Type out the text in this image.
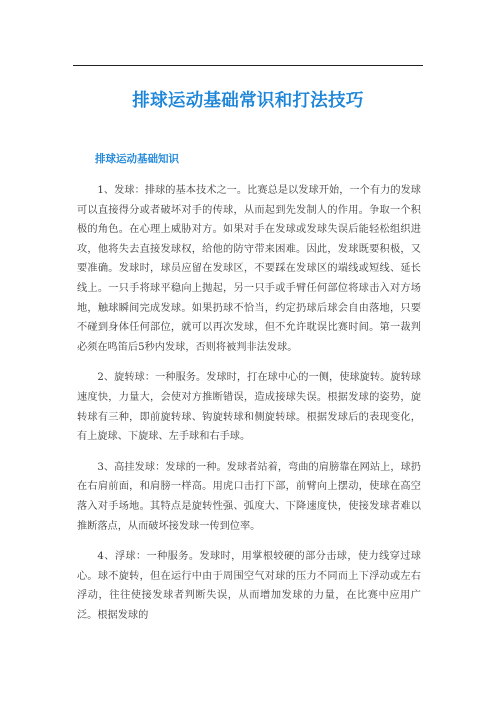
排球运动基础常识和打法技巧
排球运动基础知识

1、发球：排球的基本技术之一。比赛总是以发球开始，一个有力的发球可以直接得分或者破坏对手的传球，从而起到先发制人的作用。争取一个积极的角色。在心理上威胁对方。如果对手在发球或发球失误后能轻松组织进攻，他将失去直接发球权，给他的防守带来困难。因此，发球既要积极，又要准确。发球时，球员应留在发球区，不要踩在发球区的端线或短线、延长线上。一只手将球平稳向上抛起，另一只手或手臂任何部位将球击入对方场地，触球瞬间完成发球。如果扔球不恰当，约定扔球后球会自由落地，只要不碰到身体任何部位，就可以再次发球，但不允许耽误比赛时间。第一裁判必须在鸣笛后5秒内发球，否则将被判非法发球。

2、旋转球：一种服务。发球时，打在球中心的一侧，使球旋转。旋转球速度快，力量大，会使对方推断错误，造成接球失误。根据发球的姿势，旋转球有三种，即前旋转球、钩旋转球和侧旋转球。根据发球后的表现变化，有上旋球、下旋球、左手球和右手球。

3、高挂发球：发球的一种。发球者站着，弯曲的肩膀靠在网站上，球扔在右肩前面，和肩膀一样高。用虎口击打下部，前臂向上摆动，使球在高空落入对手场地。其特点是旋转性强、弧度大、下降速度快，使接发球者难以推断落点，从而破坏接发球一传到位率。

4、浮球：一种服务。发球时，用掌根较硬的部分击球，使力线穿过球心。球不旋转，但在运行中由于周围空气对球的压力不同而上下浮动或左右浮动，往往使接发球者判断失误，从而增加发球的力量，在比赛中应用广泛。根据发球的
